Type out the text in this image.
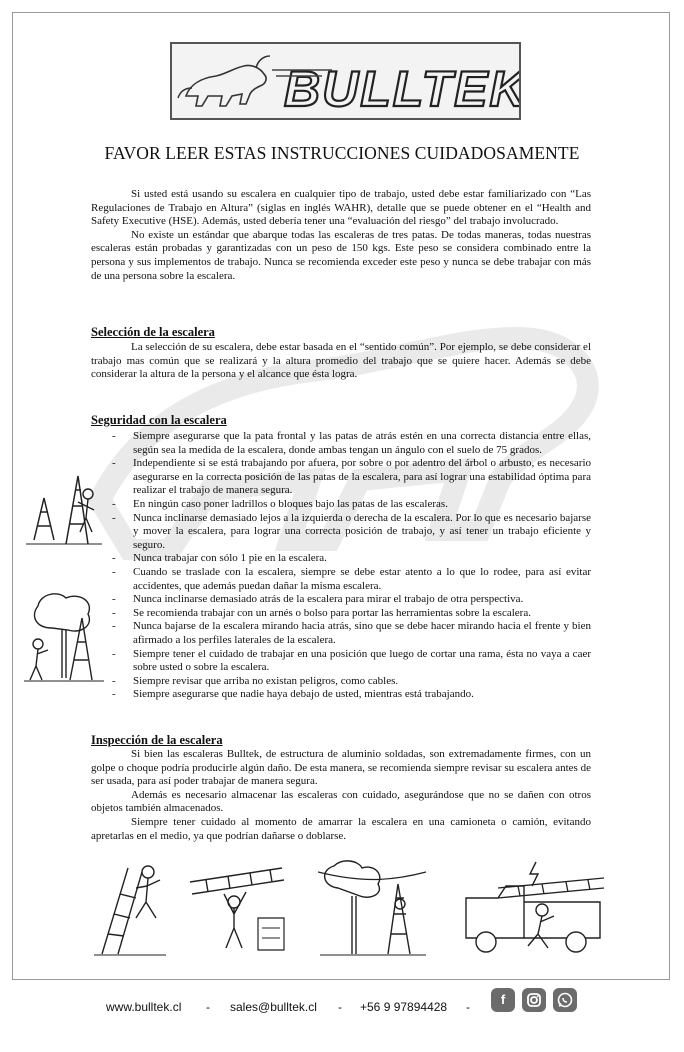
BULLTEK
FAVOR LEER ESTAS INSTRUCCIONES CUIDADOSAMENTE

Si usted está usando su escalera en cualquier tipo de trabajo, usted debe estar familiarizado con “Las Regulaciones de Trabajo en Altura” (siglas en inglés WAHR), detalle que se puede obtener en el “Health and Safety Executive (HSE). Además, usted debería tener una “evaluación del riesgo” del trabajo involucrado.

No existe un estándar que abarque todas las escaleras de tres patas. De todas maneras, todas nuestras escaleras están probadas y garantizadas con un peso de 150 kgs. Este peso se considera combinado entre la persona y sus implementos de trabajo. Nunca se recomienda exceder este peso y nunca se debe trabajar con más de una persona sobre la escalera.

Selección de la escalera

La selección de su escalera, debe estar basada en el “sentido común”. Por ejemplo, se debe considerar el trabajo mas común que se realizará y la altura promedio del trabajo que se quiere hacer. Además se debe considerar la altura de la persona y el alcance que ésta logra.

Seguridad con la escalera
- Siempre asegurarse que la pata frontal y las patas de atrás estén en una correcta distancia entre ellas, según sea la medida de la escalera, donde ambas tengan un ángulo con el suelo de 75 grados.
- Independiente si se está trabajando por afuera, por sobre o por adentro del árbol o arbusto, es necesario asegurarse en la correcta posición de las patas de la escalera, para así lograr una estabilidad óptima para realizar el trabajo de manera segura.
- En ningún caso poner ladrillos o bloques bajo las patas de las escaleras.
- Nunca inclinarse demasiado lejos a la izquierda o derecha de la escalera. Por lo que es necesario bajarse y mover la escalera, para lograr una correcta posición de trabajo, y así tener un trabajo eficiente y seguro.
- Nunca trabajar con sólo 1 pie en la escalera.
- Cuando se traslade con la escalera, siempre se debe estar atento a lo que lo rodee, para así evitar accidentes, que además puedan dañar la misma escalera.
- Nunca inclinarse demasiado atrás de la escalera para mirar el trabajo de otra perspectiva.
- Se recomienda trabajar con un arnés o bolso para portar las herramientas sobre la escalera.
- Nunca bajarse de la escalera mirando hacia atrás, sino que se debe hacer mirando hacia el frente y bien afirmado a los perfiles laterales de la escalera.
- Siempre tener el cuidado de trabajar en una posición que luego de cortar una rama, ésta no vaya a caer sobre usted o sobre la escalera.
- Siempre revisar que arriba no existan peligros, como cables.
- Siempre asegurarse que nadie haya debajo de usted, mientras está trabajando.
Inspección de la escalera

Si bien las escaleras Bulltek, de estructura de aluminio soldadas, son extremadamente firmes, con un golpe o choque podría producirle algún daño. De esta manera, se recomienda siempre revisar su escalera antes de ser usada, para así poder trabajar de manera segura.

Además es necesario almacenar las escaleras con cuidado, asegurándose que no se dañen con otros objetos también almacenados.

Siempre tener cuidado al momento de amarrar la escalera en una camioneta o camión, evitando apretarlas en el medio, ya que podrían dañarse o doblarse.

www.bulltek.cl - sales@bulltek.cl - +56 9 97894428 -	f
